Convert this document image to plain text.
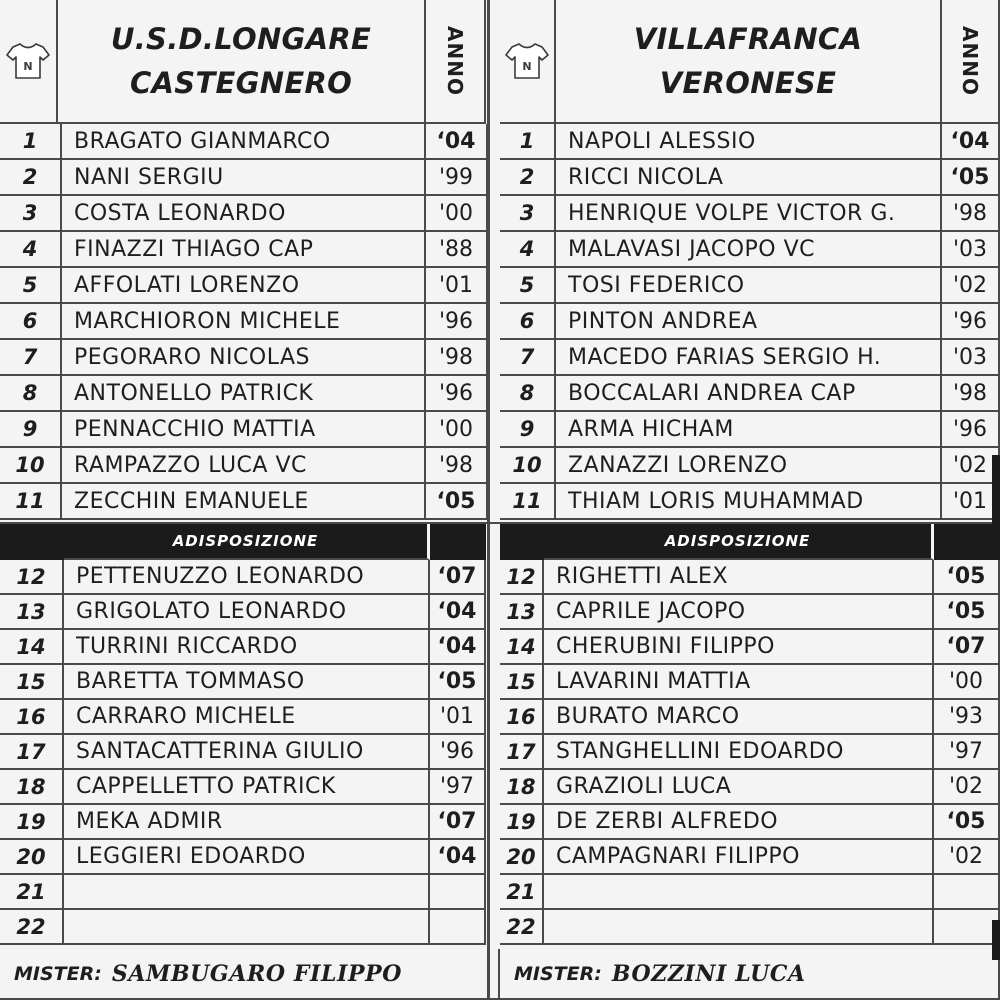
N
U.S.D.LONGARE
CASTEGNERO	ANNO
1 BRAGATO GIANMARCO	‘04
2 NANI SERGIU	'99
3 COSTA LEONARDO	'00
4 FINAZZI THIAGO CAP	'88
5 AFFOLATI LORENZO	'01
6 MARCHIORON MICHELE	'96
7 PEGORARO NICOLAS	'98
8 ANTONELLO PATRICK	'96
9 PENNACCHIO MATTIA	'00
10 RAMPAZZO LUCA VC	'98
11 ZECCHIN EMANUELE	‘05
ADISPOSIZIONE
12 PETTENUZZO LEONARDO	‘07
13 GRIGOLATO LEONARDO	‘04
14 TURRINI RICCARDO	‘04
15 BARETTA TOMMASO	‘05
16 CARRARO MICHELE	'01
17 SANTACATTERINA GIULIO	'96
18 CAPPELLETTO PATRICK	'97
19 MEKA ADMIR	‘07
20 LEGGIERI EDOARDO	‘04
21
22
MISTER: SAMBUGARO FILIPPO
N
VILLAFRANCA
VERONESE	ANNO
1 NAPOLI ALESSIO	‘04
2 RICCI NICOLA	‘05
3 HENRIQUE VOLPE VICTOR G.	'98
4 MALAVASI JACOPO VC	'03
5 TOSI FEDERICO	'02
6 PINTON ANDREA	'96
7 MACEDO FARIAS SERGIO H.	'03
8 BOCCALARI ANDREA CAP	'98
9 ARMA HICHAM	'96
10 ZANAZZI LORENZO	'02
11 THIAM LORIS MUHAMMAD	'01
ADISPOSIZIONE
12 RIGHETTI ALEX	‘05
13 CAPRILE JACOPO	‘05
14 CHERUBINI FILIPPO	‘07
15 LAVARINI MATTIA	'00
16 BURATO MARCO	'93
17 STANGHELLINI EDOARDO	'97
18 GRAZIOLI LUCA	'02
19 DE ZERBI ALFREDO	‘05
20 CAMPAGNARI FILIPPO	'02
21
22
MISTER: BOZZINI LUCA
